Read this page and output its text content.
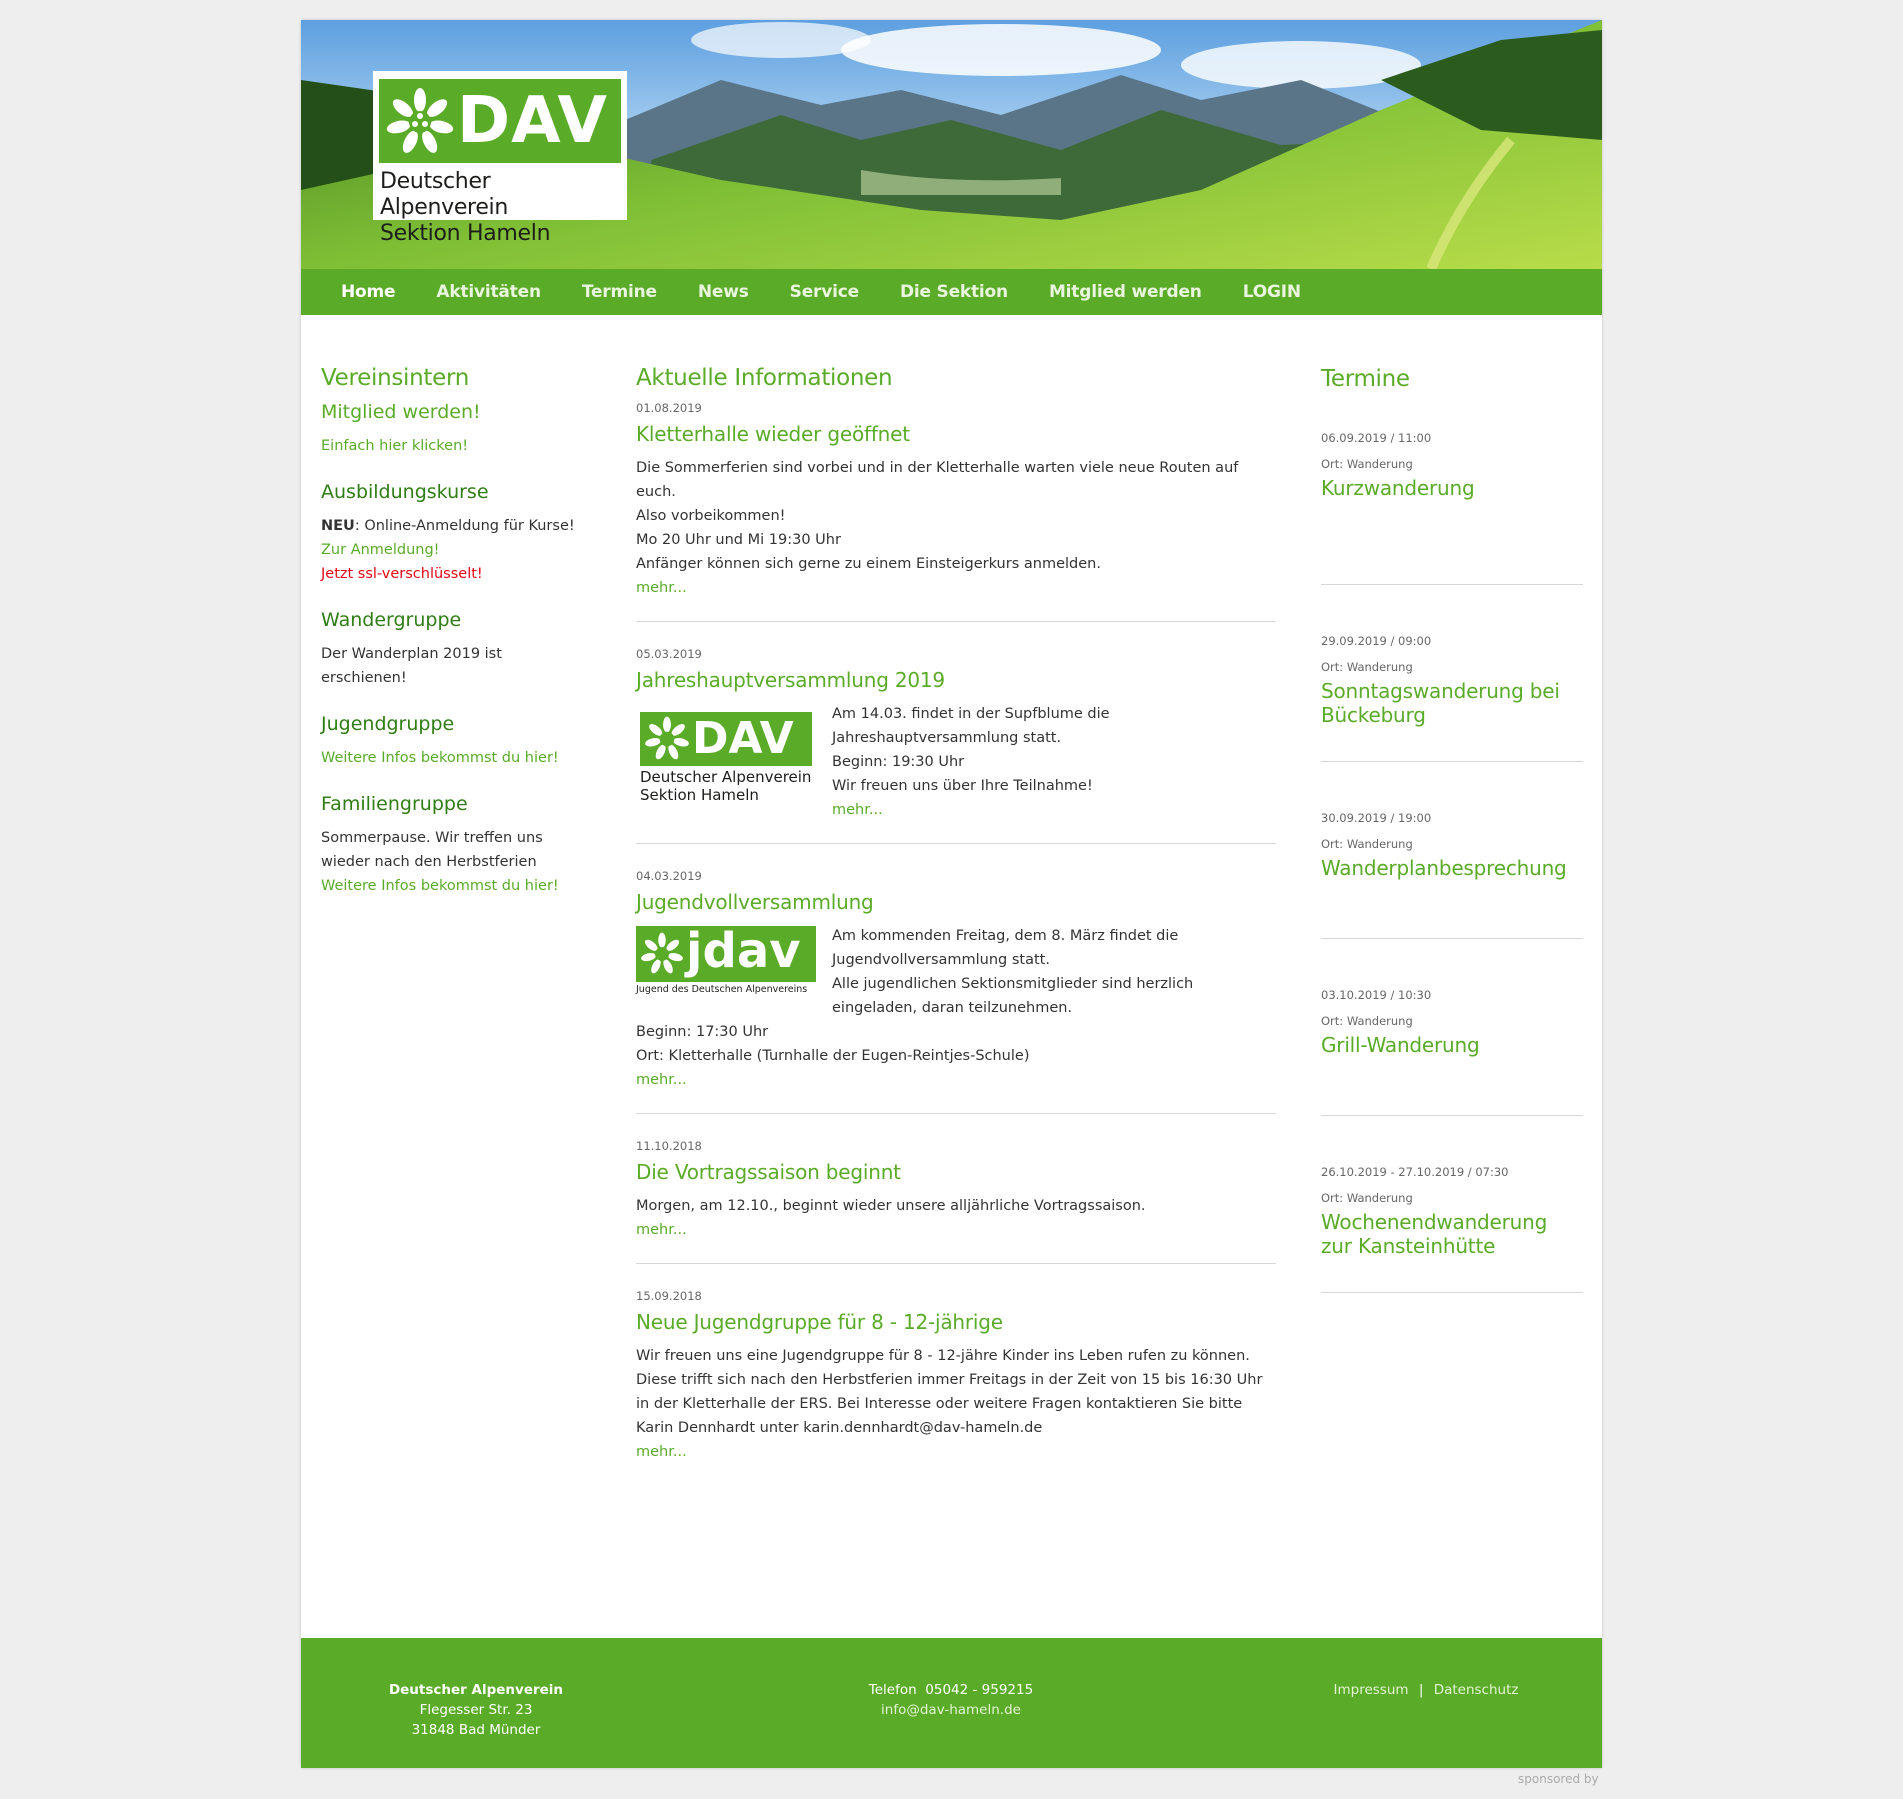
DAV
Deutscher Alpenverein
Sektion Hameln
Home Aktivitäten Termine News Service Die Sektion Mitglied werden LOGIN
Vereinsintern
Mitglied werden!

Einfach hier klicken!

Ausbildungskurse

NEU: Online-Anmeldung für Kurse!

Zur Anmeldung!

Jetzt ssl-verschlüsselt!

Wandergruppe

Der Wanderplan 2019 ist erschienen!

Jugendgruppe

Weitere Infos bekommst du hier!

Familiengruppe

Sommerpause. Wir treffen uns wieder nach den Herbstferien Weitere Infos bekommst du hier!

Aktuelle Informationen
01.08.2019
Kletterhalle wieder geöffnet
Die Sommerferien sind vorbei und in der Kletterhalle warten viele neue Routen auf euch.
Also vorbeikommen!
Mo 20 Uhr und Mi 19:30 Uhr
Anfänger können sich gerne zu einem Einsteigerkurs anmelden.
mehr...
05.03.2019
Jahreshauptversammlung 2019
DAV
Deutscher Alpenverein
Sektion Hameln
Am 14.03. findet in der Supfblume die Jahreshauptversammlung statt.
Beginn: 19:30 Uhr
Wir freuen uns über Ihre Teilnahme!
mehr...
04.03.2019
Jugendvollversammlung
jdav
Jugend des Deutschen Alpenvereins
Am kommenden Freitag, dem 8. März findet die Jugendvollversammlung statt.
Alle jugendlichen Sektionsmitglieder sind herzlich eingeladen, daran teilzunehmen.
Beginn: 17:30 Uhr
Ort: Kletterhalle (Turnhalle der Eugen-Reintjes-Schule)
mehr...
11.10.2018
Die Vortragssaison beginnt
Morgen, am 12.10., beginnt wieder unsere alljährliche Vortragssaison.
mehr...
15.09.2018
Neue Jugendgruppe für 8 - 12-jährige
Wir freuen uns eine Jugendgruppe für 8 - 12-jähre Kinder ins Leben rufen zu können. Diese trifft sich nach den Herbstferien immer Freitags in der Zeit von 15 bis 16:30 Uhr in der Kletterhalle der ERS. Bei Interesse oder weitere Fragen kontaktieren Sie bitte Karin Dennhardt unter karin.dennhardt@dav-hameln.de
mehr...
Termine
06.09.2019 / 11:00
Ort: Wanderung
Kurzwanderung
29.09.2019 / 09:00
Ort: Wanderung
Sonntagswanderung bei Bückeburg
30.09.2019 / 19:00
Ort: Wanderung
Wanderplanbesprechung
03.10.2019 / 10:30
Ort: Wanderung
Grill-Wanderung
26.10.2019 - 27.10.2019 / 07:30
Ort: Wanderung
Wochenendwanderung zur Kansteinhütte
Deutscher Alpenverein
Flegesser Str. 23
31848 Bad Münder
Telefon  05042 - 959215
info@dav-hameln.de
Impressum | Datenschutz
sponsored by
